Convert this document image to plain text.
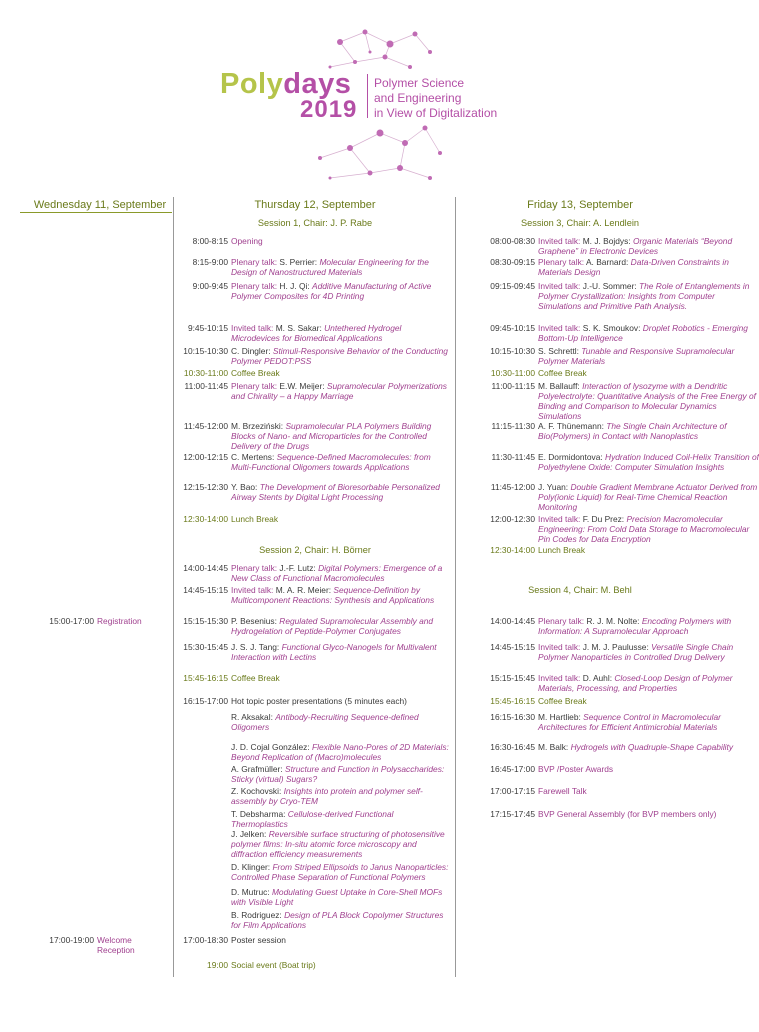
Polydays
2019
Polymer Science
and Engineering
in View of Digitalization
Wednesday 11, September	Thursday 12, September	Friday 13, September
Session 1, Chair: J. P. Rabe
Session 2, Chair: H. Börner
Session 3, Chair: A. Lendlein
Session 4, Chair: M. Behl
15:00-17:00 Registration
17:00-19:00 Welcome Reception
8:00-8:15 Opening
8:15-9:00 Plenary talk: S. Perrier: Molecular Engineering for the Design of Nanostructured Materials
9:00-9:45 Plenary talk: H. J. Qi: Additive Manufacturing of Active Polymer Composites for 4D Printing
9:45-10:15 Invited talk: M. S. Sakar: Untethered Hydrogel Microdevices for Biomedical Applications
10:15-10:30 C. Dingler: Stimuli-Responsive Behavior of the Conducting Polymer PEDOT:PSS
10:30-11:00 Coffee Break
11:00-11:45 Plenary talk: E.W. Meijer: Supramolecular Polymerizations and Chirality – a Happy Marriage
11:45-12:00 M. Brzeziński: Supramolecular PLA Polymers Building Blocks of Nano- and Microparticles for the Controlled Delivery of the Drugs
12:00-12:15 C. Mertens: Sequence-Defined Macromolecules: from Multi-Functional Oligomers towards Applications
12:15-12:30 Y. Bao: The Development of Bioresorbable Personalized Airway Stents by Digital Light Processing
12:30-14:00 Lunch Break
14:00-14:45 Plenary talk: J.-F. Lutz: Digital Polymers: Emergence of a New Class of Functional Macromolecules
14:45-15:15 Invited talk: M. A. R. Meier: Sequence-Definition by Multicomponent Reactions: Synthesis and Applications
15:15-15:30 P. Besenius: Regulated Supramolecular Assembly and Hydrogelation of Peptide-Polymer Conjugates
15:30-15:45 J. S. J. Tang: Functional Glyco-Nanogels for Multivalent Interaction with Lectins
15:45-16:15 Coffee Break
16:15-17:00 Hot topic poster presentations (5 minutes each)
R. Aksakal: Antibody-Recruiting Sequence-defined Oligomers
J. D. Cojal González: Flexible Nano-Pores of 2D Materials: Beyond Replication of (Macro)molecules
A. Grafmüller: Structure and Function in Polysaccharides: Sticky (virtual) Sugars?
Z. Kochovski: Insights into protein and polymer self-assembly by Cryo-TEM
T. Debsharma: Cellulose-derived Functional Thermoplastics
J. Jelken: Reversible surface structuring of photosensitive polymer films: In-situ atomic force microscopy and diffraction efficiency measurements
D. Klinger: From Striped Ellipsoids to Janus Nanoparticles: Controlled Phase Separation of Functional Polymers
D. Mutruc: Modulating Guest Uptake in Core-Shell MOFs with Visible Light
B. Rodriguez: Design of PLA Block Copolymer Structures for Film Applications
17:00-18:30 Poster session
19:00 Social event (Boat trip)
08:00-08:30 Invited talk: M. J. Bojdys: Organic Materials “Beyond Graphene” in Electronic Devices
08:30-09:15 Plenary talk: A. Barnard: Data-Driven Constraints in Materials Design
09:15-09:45 Invited talk: J.-U. Sommer: The Role of Entanglements in Polymer Crystallization: Insights from Computer Simulations and Primitive Path Analysis.
09:45-10:15 Invited talk: S. K. Smoukov: Droplet Robotics - Emerging Bottom-Up Intelligence
10:15-10:30 S. Schrettl: Tunable and Responsive Supramolecular Polymer Materials
10:30-11:00 Coffee Break
11:00-11:15 M. Ballauff: Interaction of lysozyme with a Dendritic Polyelectrolyte: Quantitative Analysis of the Free Energy of Binding and Comparison to Molecular Dynamics Simulations
11:15-11:30 A. F. Thünemann: The Single Chain Architecture of Bio(Polymers) in Contact with Nanoplastics
11:30-11:45 E. Dormidontova: Hydration Induced Coil-Helix Transition of Polyethylene Oxide: Computer Simulation Insights
11:45-12:00 J. Yuan: Double Gradient Membrane Actuator Derived from Poly(ionic Liquid) for Real-Time Chemical Reaction Monitoring
12:00-12:30 Invited talk: F. Du Prez: Precision Macromolecular Engineering: From Cold Data Storage to Macromolecular Pin Codes for Data Encryption
12:30-14:00 Lunch Break
14:00-14:45 Plenary talk: R. J. M. Nolte: Encoding Polymers with Information: A Supramolecular Approach
14:45-15:15 Invited talk: J. M. J. Paulusse: Versatile Single Chain Polymer Nanoparticles in Controlled Drug Delivery
15:15-15:45 Invited talk: D. Auhl: Closed-Loop Design of Polymer Materials, Processing, and Properties
15:45-16:15 Coffee Break
16:15-16:30 M. Hartlieb: Sequence Control in Macromolecular Architectures for Efficient Antimicrobial Materials
16:30-16:45 M. Balk: Hydrogels with Quadruple-Shape Capability
16:45-17:00 BVP /Poster Awards
17:00-17:15 Farewell Talk
17:15-17:45 BVP General Assembly (for BVP members only)
